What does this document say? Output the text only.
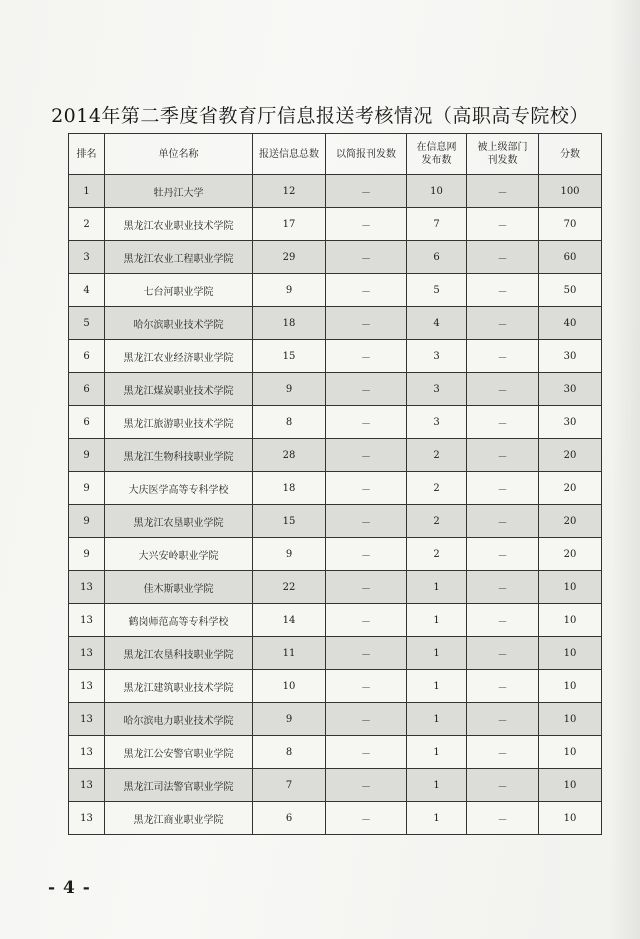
2014年第二季度省教育厅信息报送考核情况（高职高专院校）
排名	单位名称	报送信息总数	以简报刊发数	在信息网发布数	被上级部门刊发数	分数
1	牡丹江大学	12	－	10	－	100
2	黑龙江农业职业技术学院	17	－	7	－	70
3	黑龙江农业工程职业学院	29	－	6	－	60
4	七台河职业学院	9	－	5	－	50
5	哈尔滨职业技术学院	18	－	4	－	40
6	黑龙江农业经济职业学院	15	－	3	－	30
6	黑龙江煤炭职业技术学院	9	－	3	－	30
6	黑龙江旅游职业技术学院	8	－	3	－	30
9	黑龙江生物科技职业学院	28	－	2	－	20
9	大庆医学高等专科学校	18	－	2	－	20
9	黑龙江农垦职业学院	15	－	2	－	20
9	大兴安岭职业学院	9	－	2	－	20
13	佳木斯职业学院	22	－	1	－	10
13	鹤岗师范高等专科学校	14	－	1	－	10
13	黑龙江农垦科技职业学院	11	－	1	－	10
13	黑龙江建筑职业技术学院	10	－	1	－	10
13	哈尔滨电力职业技术学院	9	－	1	－	10
13	黑龙江公安警官职业学院	8	－	1	－	10
13	黑龙江司法警官职业学院	7	－	1	－	10
13	黑龙江商业职业学院	6	－	1	－	10
- 4 -
